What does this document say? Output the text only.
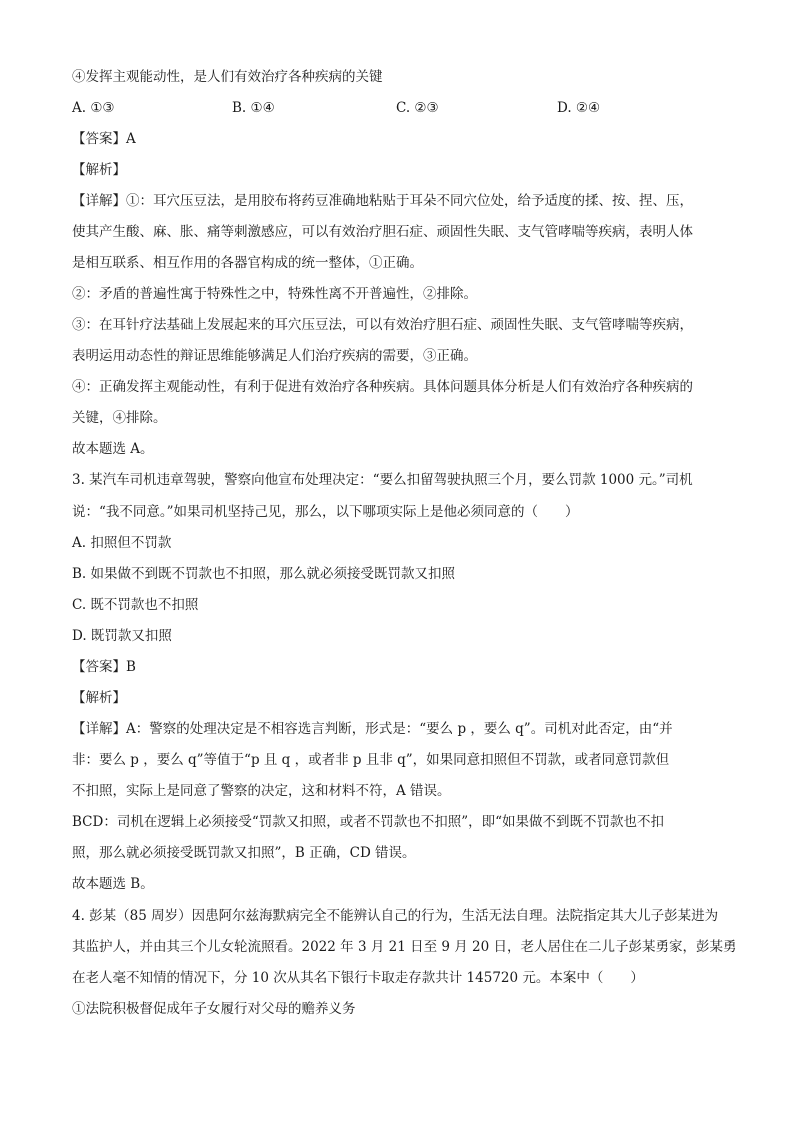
④发挥主观能动性，是人们有效治疗各种疾病的关键
A. ①③	B. ①④	C. ②③	D. ②④
【答案】A
【解析】
【详解】①：耳穴压豆法，是用胶布将药豆准确地粘贴于耳朵不同穴位处，给予适度的揉、按、捏、压，
使其产生酸、麻、胀、痛等刺激感应，可以有效治疗胆石症、顽固性失眠、支气管哮喘等疾病，表明人体
是相互联系、相互作用的各器官构成的统一整体，①正确。
②：矛盾的普遍性寓于特殊性之中，特殊性离不开普遍性，②排除。
③：在耳针疗法基础上发展起来的耳穴压豆法，可以有效治疗胆石症、顽固性失眠、支气管哮喘等疾病，
表明运用动态性的辩证思维能够满足人们治疗疾病的需要，③正确。
④：正确发挥主观能动性，有利于促进有效治疗各种疾病。具体问题具体分析是人们有效治疗各种疾病的
关键，④排除。
故本题选 A。
3. 某汽车司机违章驾驶，警察向他宣布处理决定：“要么扣留驾驶执照三个月，要么罚款 1000 元。”司机
说：“我不同意。”如果司机坚持己见，那么，以下哪项实际上是他必须同意的（　　）
A. 扣照但不罚款
B. 如果做不到既不罚款也不扣照，那么就必须接受既罚款又扣照
C. 既不罚款也不扣照
D. 既罚款又扣照
【答案】B
【解析】
【详解】A：警察的处理决定是不相容选言判断，形式是：“要么 p ，要么 q”。司机对此否定，由“并
非：要么 p ，要么 q”等值于“p 且 q ，或者非 p 且非 q”，如果同意扣照但不罚款，或者同意罚款但
不扣照，实际上是同意了警察的决定，这和材料不符，A 错误。
BCD：司机在逻辑上必须接受“罚款又扣照，或者不罚款也不扣照”，即“如果做不到既不罚款也不扣
照，那么就必须接受既罚款又扣照”，B 正确，CD 错误。
故本题选 B。
4. 彭某（85 周岁）因患阿尔兹海默病完全不能辨认自己的行为，生活无法自理。法院指定其大儿子彭某进为
其监护人，并由其三个儿女轮流照看。2022 年 3 月 21 日至 9 月 20 日，老人居住在二儿子彭某勇家，彭某勇
在老人毫不知情的情况下，分 10 次从其名下银行卡取走存款共计 145720 元。本案中（　　）
①法院积极督促成年子女履行对父母的赡养义务
